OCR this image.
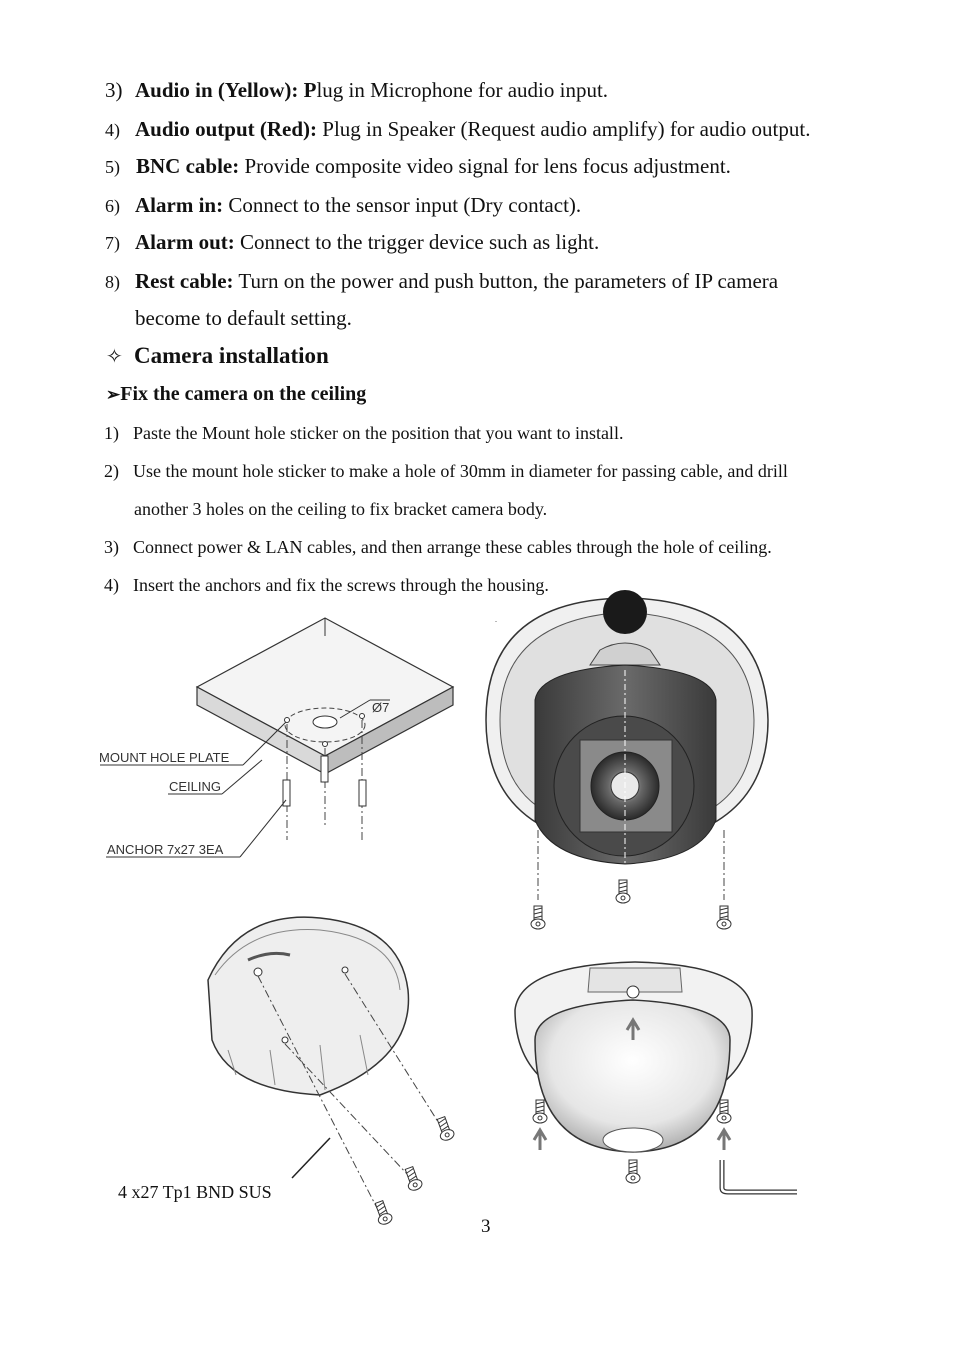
3) Audio in (Yellow): Plug in Microphone for audio input.
4) Audio output (Red): Plug in Speaker (Request audio amplify) for audio output.
5) BNC cable: Provide composite video signal for lens focus adjustment.
6) Alarm in: Connect to the sensor input (Dry contact).
7) Alarm out: Connect to the trigger device such as light.
8) Rest cable: Turn on the power and push button, the parameters of IP camera
become to default setting.
✧ Camera installation
➢Fix the camera on the ceiling
1) Paste the Mount hole sticker on the position that you want to install.
2) Use the mount hole sticker to make a hole of 30mm in diameter for passing cable, and drill
another 3 holes on the ceiling to fix bracket camera body.
3) Connect power & LAN cables, and then arrange these cables through the hole of ceiling.
4) Insert the anchors and fix the screws through the housing.
Ø7
MOUNT HOLE PLATE
CEILING
ANCHOR 7x27 3EA
.
4 x27 Tp1 BND SUS
3
